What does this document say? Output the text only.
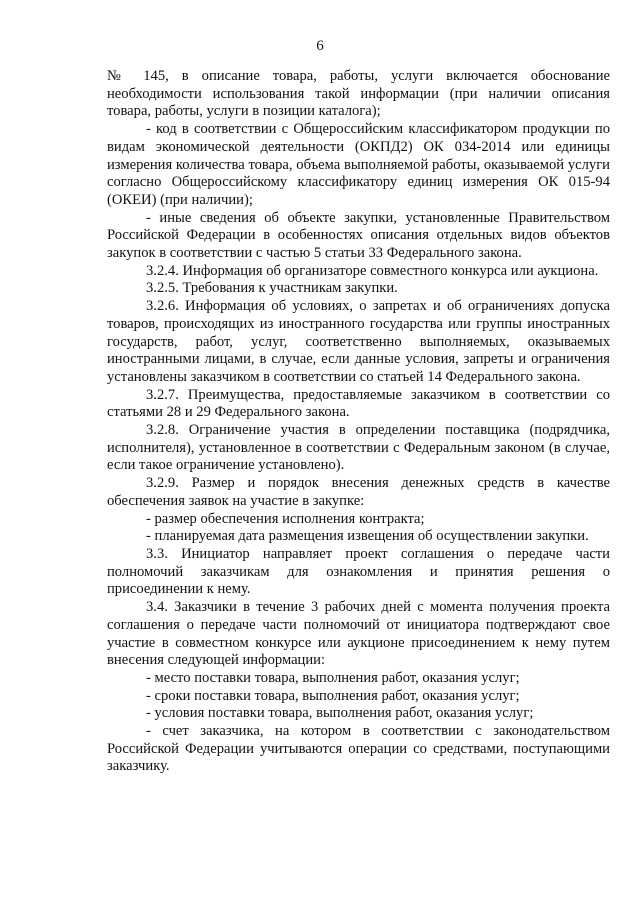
6

№ 145, в описание товара, работы, услуги включается обоснование необходимости использования такой информации (при наличии описания товара, работы, услуги в позиции каталога);

- код в соответствии с Общероссийским классификатором продукции по видам экономической деятельности (ОКПД2) ОК 034-2014 или единицы измерения количества товара, объема выполняемой работы, оказываемой услуги согласно Общероссийскому классификатору единиц измерения ОК 015-94 (ОКЕИ) (при наличии);

- иные сведения об объекте закупки, установленные Правительством Российской Федерации в особенностях описания отдельных видов объектов закупок в соответствии с частью 5 статьи 33 Федерального закона.

3.2.4. Информация об организаторе совместного конкурса или аукциона.

3.2.5. Требования к участникам закупки.

3.2.6. Информация об условиях, о запретах и об ограничениях допуска товаров, происходящих из иностранного государства или группы иностранных государств, работ, услуг, соответственно выполняемых, оказываемых иностранными лицами, в случае, если данные условия, запреты и ограничения установлены заказчиком в соответствии со статьей 14 Федерального закона.

3.2.7. Преимущества, предоставляемые заказчиком в соответствии со статьями 28 и 29 Федерального закона.

3.2.8. Ограничение участия в определении поставщика (подрядчика, исполнителя), установленное в соответствии с Федеральным законом (в случае, если такое ограничение установлено).

3.2.9. Размер и порядок внесения денежных средств в качестве обеспечения заявок на участие в закупке:

- размер обеспечения исполнения контракта;

- планируемая дата размещения извещения об осуществлении закупки.

3.3. Инициатор направляет проект соглашения о передаче части полномочий заказчикам для ознакомления и принятия решения о присоединении к нему.

3.4. Заказчики в течение 3 рабочих дней с момента получения проекта соглашения о передаче части полномочий от инициатора подтверждают свое участие в совместном конкурсе или аукционе присоединением к нему путем внесения следующей информации:

- место поставки товара, выполнения работ, оказания услуг;

- сроки поставки товара, выполнения работ, оказания услуг;

- условия поставки товара, выполнения работ, оказания услуг;

- счет заказчика, на котором в соответствии с законодательством Российской Федерации учитываются операции со средствами, поступающими заказчику.
